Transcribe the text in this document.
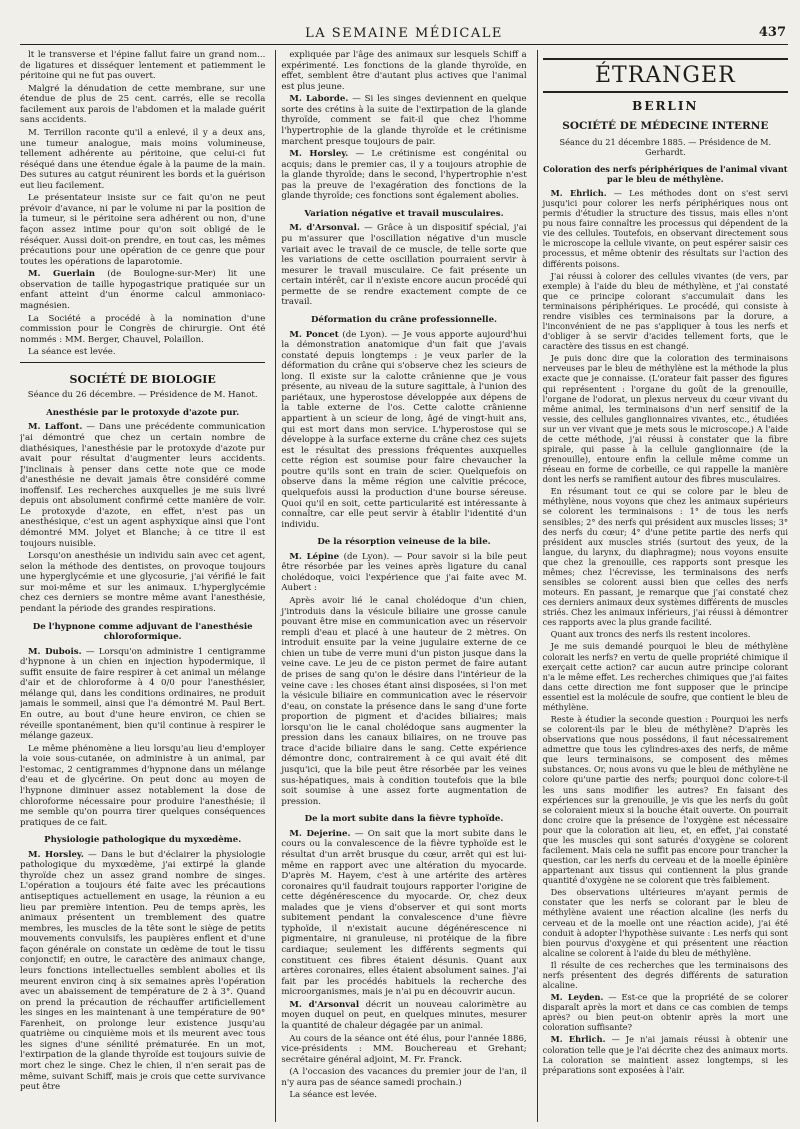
LA SEMAINE MÉDICALE	437

lt le transverse et l'épine fallut faire un grand nom... de ligatures et disséquer lentement et patiemment le péritoine qui ne fut pas ouvert.

Malgré la dénudation de cette membrane, sur une étendue de plus de 25 cent. carrés, elle se recolla facilement aux parois de l'abdomen et la malade guérit sans accidents.

M. Terrillon raconte qu'il a enlevé, il y a deux ans, une tumeur analogue, mais moins volumineuse, tellement adhérente au péritoine, que celui-ci fut réséqué dans une étendue égale à la paume de la main. Des sutures au catgut réunirent les bords et la guérison eut lieu facilement.

Le présentateur insiste sur ce fait qu'on ne peut prévoir d'avance, ni par le volume ni par la position de la tumeur, si le péritoine sera adhérent ou non, d'une façon assez intime pour qu'on soit obligé de le réséquer. Aussi doit-on prendre, en tout cas, les mêmes précautions pour une opération de ce genre que pour toutes les opérations de laparotomie.

M. Guerlain (de Boulogne-sur-Mer) lit une observation de taille hypogastrique pratiquée sur un enfant atteint d'un énorme calcul ammoniaco-magnésien.

La Société a procédé à la nomination d'une commission pour le Congrès de chirurgie. Ont été nommés : MM. Berger, Chauvel, Polaillon.

La séance est levée.

SOCIÉTÉ DE BIOLOGIE

Séance du 26 décembre. — Présidence de M. Hanot.

Anesthésie par le protoxyde d'azote pur.

M. Laffont. — Dans une précédente communication j'ai démontré que chez un certain nombre de diathésiques, l'anesthésie par le protoxyde d'azote pur avait pour résultat d'augmenter leurs accidents. J'inclinais à penser dans cette note que ce mode d'anesthésie ne devait jamais être considéré comme inoffensif. Les recherches auxquelles je me suis livré depuis ont absolument confirmé cette manière de voir. Le protoxyde d'azote, en effet, n'est pas un anesthésique, c'est un agent asphyxique ainsi que l'ont démontré MM. Jolyet et Blanche; à ce titre il est toujours nuisible.

Lorsqu'on anesthésie un individu sain avec cet agent, selon la méthode des dentistes, on provoque toujours une hyperglycémie et une glycosurie, j'ai vérifié le fait sur moi-même et sur les animaux. L'hyperglycémie chez ces derniers se montre même avant l'anesthésie, pendant la période des grandes respirations.

De l'hypnone comme adjuvant de l'anesthésie chloroformique.

M. Dubois. — Lorsqu'on administre 1 centigramme d'hypnone à un chien en injection hypodermique, il suffit ensuite de faire respirer à cet animal un mélange d'air et de chloroforme à 4 0/0 pour l'anesthésier, mélange qui, dans les conditions ordinaires, ne produit jamais le sommeil, ainsi que l'a démontré M. Paul Bert. En outre, au bout d'une heure environ, ce chien se réveille spontanément, bien qu'il continue à respirer le mélange gazeux.

Le même phénomène a lieu lorsqu'au lieu d'employer la voie sous-cutanée, on administre à un animal, par l'estomac, 2 centigrammes d'hypnone dans un mélange d'eau et de glycérine. On peut donc au moyen de l'hypnone diminuer assez notablement la dose de chloroforme nécessaire pour produire l'anesthésie; il me semble qu'on pourra tirer quelques conséquences pratiques de ce fait.

Physiologie pathologique du myxœdème.

M. Horsley. — Dans le but d'éclairer la physiologie pathologique du myxœdème, j'ai extirpé la glande thyroïde chez un assez grand nombre de singes. L'opération a toujours été faite avec les précautions antiseptiques actuellement en usage, la réunion a eu lieu par première intention. Peu de temps après, les animaux présentent un tremblement des quatre membres, les muscles de la tête sont le siège de petits mouvements convulsifs, les paupières enflent et d'une façon générale on constate un œdème de tout le tissu conjonctif; en outre, le caractère des animaux change, leurs fonctions intellectuelles semblent abolies et ils meurent environ cinq à six semaines après l'opération avec un abaissement de température de 2 à 3°. Quand on prend la précaution de réchauffer artificiellement les singes en les maintenant à une température de 90° Farenheit, on prolonge leur existence jusqu'au quatrième ou cinquième mois et ils meurent avec tous les signes d'une sénilité prématurée. En un mot, l'extirpation de la glande thyroïde est toujours suivie de mort chez le singe. Chez le chien, il n'en serait pas de même, suivant Schiff, mais je crois que cette survivance peut être

expliquée par l'âge des animaux sur lesquels Schiff a expérimenté. Les fonctions de la glande thyroïde, en effet, semblent être d'autant plus actives que l'animal est plus jeune.

M. Laborde. — Si les singes deviennent en quelque sorte des crétins à la suite de l'extirpation de la glande thyroïde, comment se fait-il que chez l'homme l'hypertrophie de la glande thyroïde et le crétinisme marchent presque toujours de pair.

M. Horsley. — Le crétinisme est congénital ou acquis; dans le premier cas, il y a toujours atrophie de la glande thyroïde; dans le second, l'hypertrophie n'est pas la preuve de l'exagération des fonctions de la glande thyroïde; ces fonctions sont également abolies.

Variation négative et travail musculaires.

M. d'Arsonval. — Grâce à un dispositif spécial, j'ai pu m'assurer que l'oscillation négative d'un muscle variait avec le travail de ce muscle, de telle sorte que les variations de cette oscillation pourraient servir à mesurer le travail musculaire. Ce fait présente un certain intérêt, car il n'existe encore aucun procédé qui permette de se rendre exactement compte de ce travail.

Déformation du crâne professionnelle.

M. Poncet (de Lyon). — Je vous apporte aujourd'hui la démonstration anatomique d'un fait que j'avais constaté depuis longtemps : je veux parler de la déformation du crâne qui s'observe chez les scieurs de long. Il existe sur la calotte crânienne que je vous présente, au niveau de la suture sagittale, à l'union des pariétaux, une hyperostose développée aux dépens de la table externe de l'os. Cette calotte crânienne appartient à un scieur de long, âgé de vingt-huit ans, qui est mort dans mon service. L'hyperostose qui se développe à la surface externe du crâne chez ces sujets est le résultat des pressions fréquentes auxquelles cette région est soumise pour faire chevaucher la poutre qu'ils sont en train de scier. Quelquefois on observe dans la même région une calvitie précoce, quelquefois aussi la production d'une bourse séreuse. Quoi qu'il en soit, cette particularité est intéressante à connaître, car elle peut servir à établir l'identité d'un individu.

De la résorption veineuse de la bile.

M. Lépine (de Lyon). — Pour savoir si la bile peut être résorbée par les veines après ligature du canal cholédoque, voici l'expérience que j'ai faite avec M. Aubert :

Après avoir lié le canal cholédoque d'un chien, j'introduis dans la vésicule biliaire une grosse canule pouvant être mise en communication avec un réservoir rempli d'eau et placé à une hauteur de 2 mètres. On introduit ensuite par la veine jugulaire externe de ce chien un tube de verre muni d'un piston jusque dans la veine cave. Le jeu de ce piston permet de faire autant de prises de sang qu'on le désire dans l'intérieur de la veine cave : les choses étant ainsi disposées, si l'on met la vésicule biliaire en communication avec le réservoir d'eau, on constate la présence dans le sang d'une forte proportion de pigment et d'acides biliaires; mais lorsqu'on lie le canal cholédoque sans augmenter la pression dans les canaux biliaires, on ne trouve pas trace d'acide biliaire dans le sang. Cette expérience démontre donc, contrairement à ce qui avait été dit jusqu'ici, que la bile peut être résorbée par les veines sus-hépatiques, mais à condition toutefois que la bile soit soumise à une assez forte augmentation de pression.

De la mort subite dans la fièvre typhoïde.

M. Dejerine. — On sait que la mort subite dans le cours ou la convalescence de la fièvre typhoïde est le résultat d'un arrêt brusque du cœur, arrêt qui est lui-même en rapport avec une altération du myocarde. D'après M. Hayem, c'est à une artérite des artères coronaires qu'il faudrait toujours rapporter l'origine de cette dégénérescence du myocarde. Or, chez deux malades que je viens d'observer et qui sont morts subitement pendant la convalescence d'une fièvre typhoïde, il n'existait aucune dégénérescence ni pigmentaire, ni granuleuse, ni protéique de la fibre cardiaque; seulement les différents segments qui constituent ces fibres étaient désunis. Quant aux artères coronaires, elles étaient absolument saines. J'ai fait par les procédés habituels la recherche des microorganismes, mais je n'ai pu en découvrir aucun.

M. d'Arsonval décrit un nouveau calorimètre au moyen duquel on peut, en quelques minutes, mesurer la quantité de chaleur dégagée par un animal.

Au cours de la séance ont été élus, pour l'année 1886, vice-présidents : MM. Bouchereau et Grehant; secrétaire général adjoint, M. Fr. Franck.

(A l'occasion des vacances du premier jour de l'an, il n'y aura pas de séance samedi prochain.)

La séance est levée.

ÉTRANGER
BERLIN
SOCIÉTÉ DE MÉDECINE INTERNE

Séance du 21 décembre 1885. — Présidence de M. Gerhardt.

Coloration des nerfs périphériques de l'animal vivant par le bleu de méthylène.

M. Ehrlich. — Les méthodes dont on s'est servi jusqu'ici pour colorer les nerfs périphériques nous ont permis d'étudier la structure des tissus, mais elles n'ont pu nous faire connaître les processus qui dépendent de la vie des cellules. Toutefois, en observant directement sous le microscope la cellule vivante, on peut espérer saisir ces processus, et même obtenir des résultats sur l'action des différents poisons.

J'ai réussi à colorer des cellules vivantes (de vers, par exemple) à l'aide du bleu de méthylène, et j'ai constaté que ce principe colorant s'accumulait dans les terminaisons périphériques. Le procédé, qui consiste à rendre visibles ces terminaisons par la dorure, a l'inconvénient de ne pas s'appliquer à tous les nerfs et d'obliger à se servir d'acides tellement forts, que le caractère des tissus en est changé.

Je puis donc dire que la coloration des terminaisons nerveuses par le bleu de méthylène est la méthode la plus exacte que je connaisse. (L'orateur fait passer des figures qui représentent : l'organe du goût de la grenouille, l'organe de l'odorat, un plexus nerveux du cœur vivant du même animal, les terminaisons d'un nerf sensitif de la vessie, des cellules ganglionnaires vivantes, etc., étudiées sur un ver vivant que je mets sous le microscope.) A l'aide de cette méthode, j'ai réussi à constater que la fibre spirale, qui passe à la cellule ganglionnaire (de la grenouille), entoure enfin la cellule même comme un réseau en forme de corbeille, ce qui rappelle la manière dont les nerfs se ramifient autour des fibres musculaires.

En résumant tout ce qui se colore par le bleu de méthylène, nous voyons que chez les animaux supérieurs se colorent les terminaisons : 1° de tous les nerfs sensibles; 2° des nerfs qui président aux muscles lisses; 3° des nerfs du cœur; 4° d'une petite partie des nerfs qui président aux muscles striés (surtout des yeux, de la langue, du larynx, du diaphragme); nous voyons ensuite que chez la grenouille, ces rapports sont presque les mêmes; chez l'écrevisse, les terminaisons des nerfs sensibles se colorent aussi bien que celles des nerfs moteurs. En passant, je remarque que j'ai constaté chez ces derniers animaux deux systèmes différents de muscles striés. Chez les animaux inférieurs, j'ai réussi à démontrer ces rapports avec la plus grande facilité.

Quant aux troncs des nerfs ils restent incolores.

Je me suis demandé pourquoi le bleu de méthylène colorait les nerfs? en vertu de quelle propriété chimique il exerçait cette action? car aucun autre principe colorant n'a le même effet. Les recherches chimiques que j'ai faites dans cette direction me font supposer que le principe essentiel est la molécule de soufre, que contient le bleu de méthylène.

Reste à étudier la seconde question : Pourquoi les nerfs se colorent-ils par le bleu de méthylène? D'après les observations que nous possédons, il faut nécessairement admettre que tous les cylindres-axes des nerfs, de même que leurs terminaisons, se composent des mêmes substances. Or, nous avons vu que le bleu de méthylène ne colore qu'une partie des nerfs; pourquoi donc colore-t-il les uns sans modifier les autres? En faisant des expériences sur la grenouille, je vis que les nerfs du goût se coloraient mieux si la bouche était ouverte. On pourrait donc croire que la présence de l'oxygène est nécessaire pour que la coloration ait lieu, et, en effet, j'ai constaté que les muscles qui sont saturés d'oxygène se colorent facilement. Mais cela ne suffit pas encore pour trancher la question, car les nerfs du cerveau et de la moelle épinière appartenant aux tissus qui contiennent la plus grande quantité d'oxygène ne se colorent que très faiblement.

Des observations ultérieures m'ayant permis de constater que les nerfs se colorant par le bleu de méthylène avaient une réaction alcaline (les nerfs du cerveau et de la moelle ont une réaction acide), j'ai été conduit à adopter l'hypothèse suivante : Les nerfs qui sont bien pourvus d'oxygène et qui présentent une réaction alcaline se colorent à l'aide du bleu de méthylène.

Il résulte de ces recherches que les terminaisons des nerfs présentent des degrés différents de saturation alcaline.

M. Leyden. — Est-ce que la propriété de se colorer disparaît après la mort et dans ce cas combien de temps après? ou bien peut-on obtenir après la mort une coloration suffisante?

M. Ehrlich. — Je n'ai jamais réussi à obtenir une coloration telle que je l'ai décrite chez des animaux morts. La coloration se maintient assez longtemps, si les préparations sont exposées à l'air.
